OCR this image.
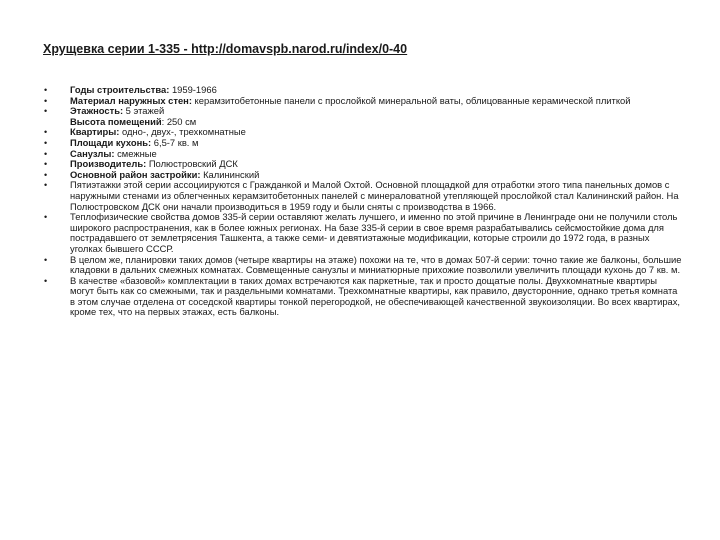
Хрущевка серии 1-335 - http://domavspb.narod.ru/index/0-40
• Годы строительства: 1959-1966
• Материал наружных стен: керамзитобетонные панели с прослойкой минеральной ваты, облицованные керамической плиткой
• Этажность: 5 этажей
Высота помещений: 250 см
• Квартиры: одно-, двух-, трехкомнатные
• Площади кухонь: 6,5-7 кв. м
• Санузлы: смежные
• Производитель: Полюстровский ДСК
• Основной район застройки: Калининский
• Пятиэтажки этой серии ассоциируются с Гражданкой и Малой Охтой. Основной площадкой для отработки этого типа панельных домов с наружными стенами из облегченных керамзитобетонных панелей с минераловатной утепляющей прослойкой стал Калининский район. На Полюстровском ДСК они начали производиться в 1959 году и были сняты с производства в 1966.
• Теплофизические свойства домов 335-й серии оставляют желать лучшего, и именно по этой причине в Ленинграде они не получили столь широкого распространения, как в более южных регионах. На базе 335-й серии в свое время разрабатывались сейсмостойкие дома для пострадавшего от землетрясения Ташкента, а также семи- и девятиэтажные модификации, которые строили до 1972 года, в разных уголках бывшего СССР.
• В целом же, планировки таких домов (четыре квартиры на этаже) похожи на те, что в домах 507-й серии: точно такие же балконы, большие кладовки в дальних смежных комнатах. Совмещенные санузлы и миниатюрные прихожие позволили увеличить площади кухонь до 7 кв. м.
• В качестве «базовой» комплектации в таких домах встречаются как паркетные, так и просто дощатые полы. Двухкомнатные квартиры могут быть как со смежными, так и раздельными комнатами. Трехкомнатные квартиры, как правило, двусторонние, однако третья комната в этом случае отделена от соседской квартиры тонкой перегородкой, не обеспечивающей качественной звукоизоляции. Во всех квартирах, кроме тех, что на первых этажах, есть балконы.
